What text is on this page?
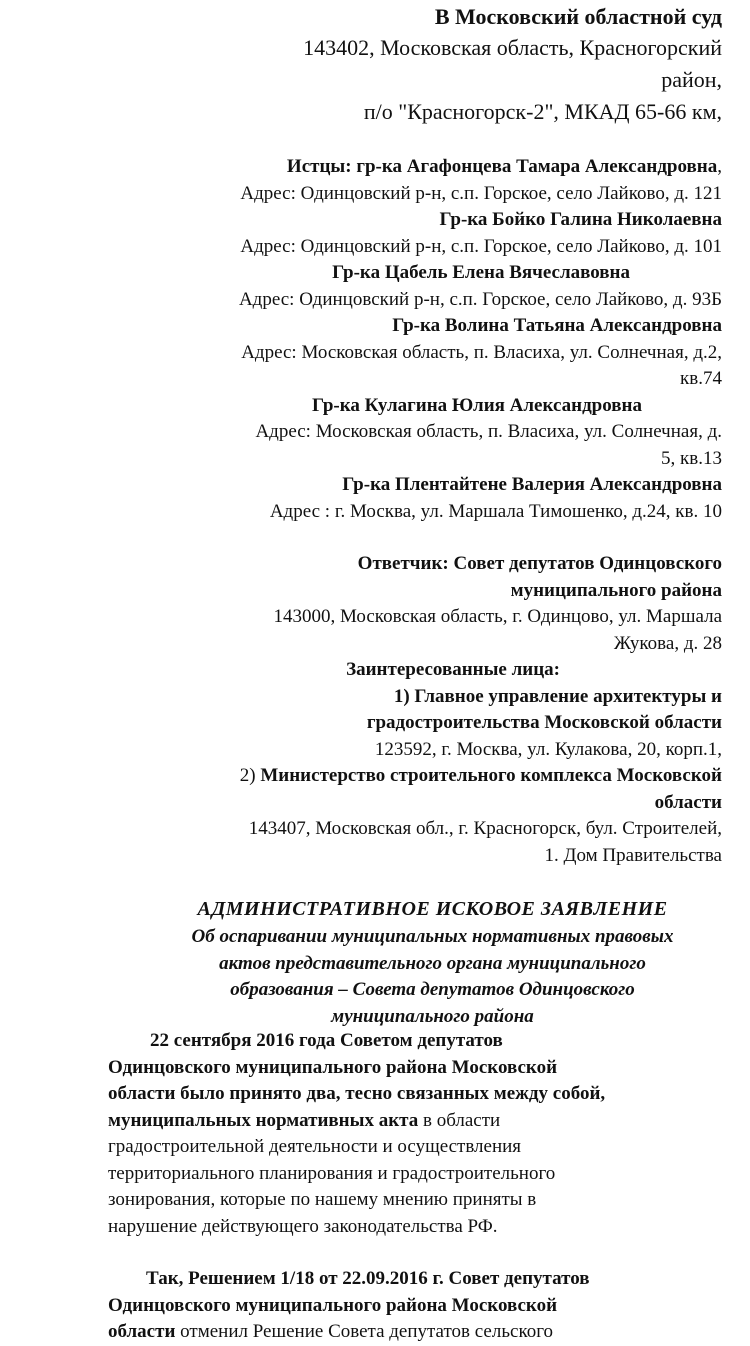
В Московский областной суд

143402, Московская область, Красногорский

район,

п/о "Красногорск-2", МКАД 65-66 км,

Истцы: гр-ка Агафонцева Тамара Александровна,

Адрес: Одинцовский р-н, с.п. Горское, село Лайково, д. 121

Гр-ка Бойко Галина Николаевна

Адрес: Одинцовский р-н, с.п. Горское, село Лайково, д. 101

Гр-ка Цабель Елена Вячеславовна

Адрес: Одинцовский р-н, с.п. Горское, село Лайково, д. 93Б

Гр-ка Волина Татьяна Александровна

Адрес: Московская область, п. Власиха, ул. Солнечная, д.2,

кв.74

Гр-ка Кулагина Юлия Александровна

Адрес: Московская область, п. Власиха, ул. Солнечная, д.

5, кв.13

Гр-ка Плентайтене Валерия Александровна

Адрес : г. Москва, ул. Маршала Тимошенко, д.24, кв. 10

Ответчик: Совет депутатов Одинцовского

муниципального района

143000, Московская область, г. Одинцово, ул. Маршала

Жукова, д. 28

Заинтересованные лица:

1) Главное управление архитектуры и

градостроительства Московской области

123592, г. Москва, ул. Кулакова, 20, корп.1,

2) Министерство строительного комплекса Московской

области

143407, Московская обл., г. Красногорск, бул. Строителей,

1. Дом Правительства

АДМИНИСТРАТИВНОЕ ИСКОВОЕ ЗАЯВЛЕНИЕ

Об оспаривании муниципальных нормативных правовых

актов представительного органа муниципального

образования – Совета депутатов Одинцовского

муниципального района

22 сентября 2016 года Советом депутатов

Одинцовского муниципального района Московской

области было принято два, тесно связанных между собой,

муниципальных нормативных акта в области

градостроительной деятельности и осуществления

территориального планирования и градостроительного

зонирования, которые по нашему мнению приняты в

нарушение действующего законодательства РФ.

Так, Решением 1/18 от 22.09.2016 г. Совет депутатов

Одинцовского муниципального района Московской

области отменил Решение Совета депутатов сельского
